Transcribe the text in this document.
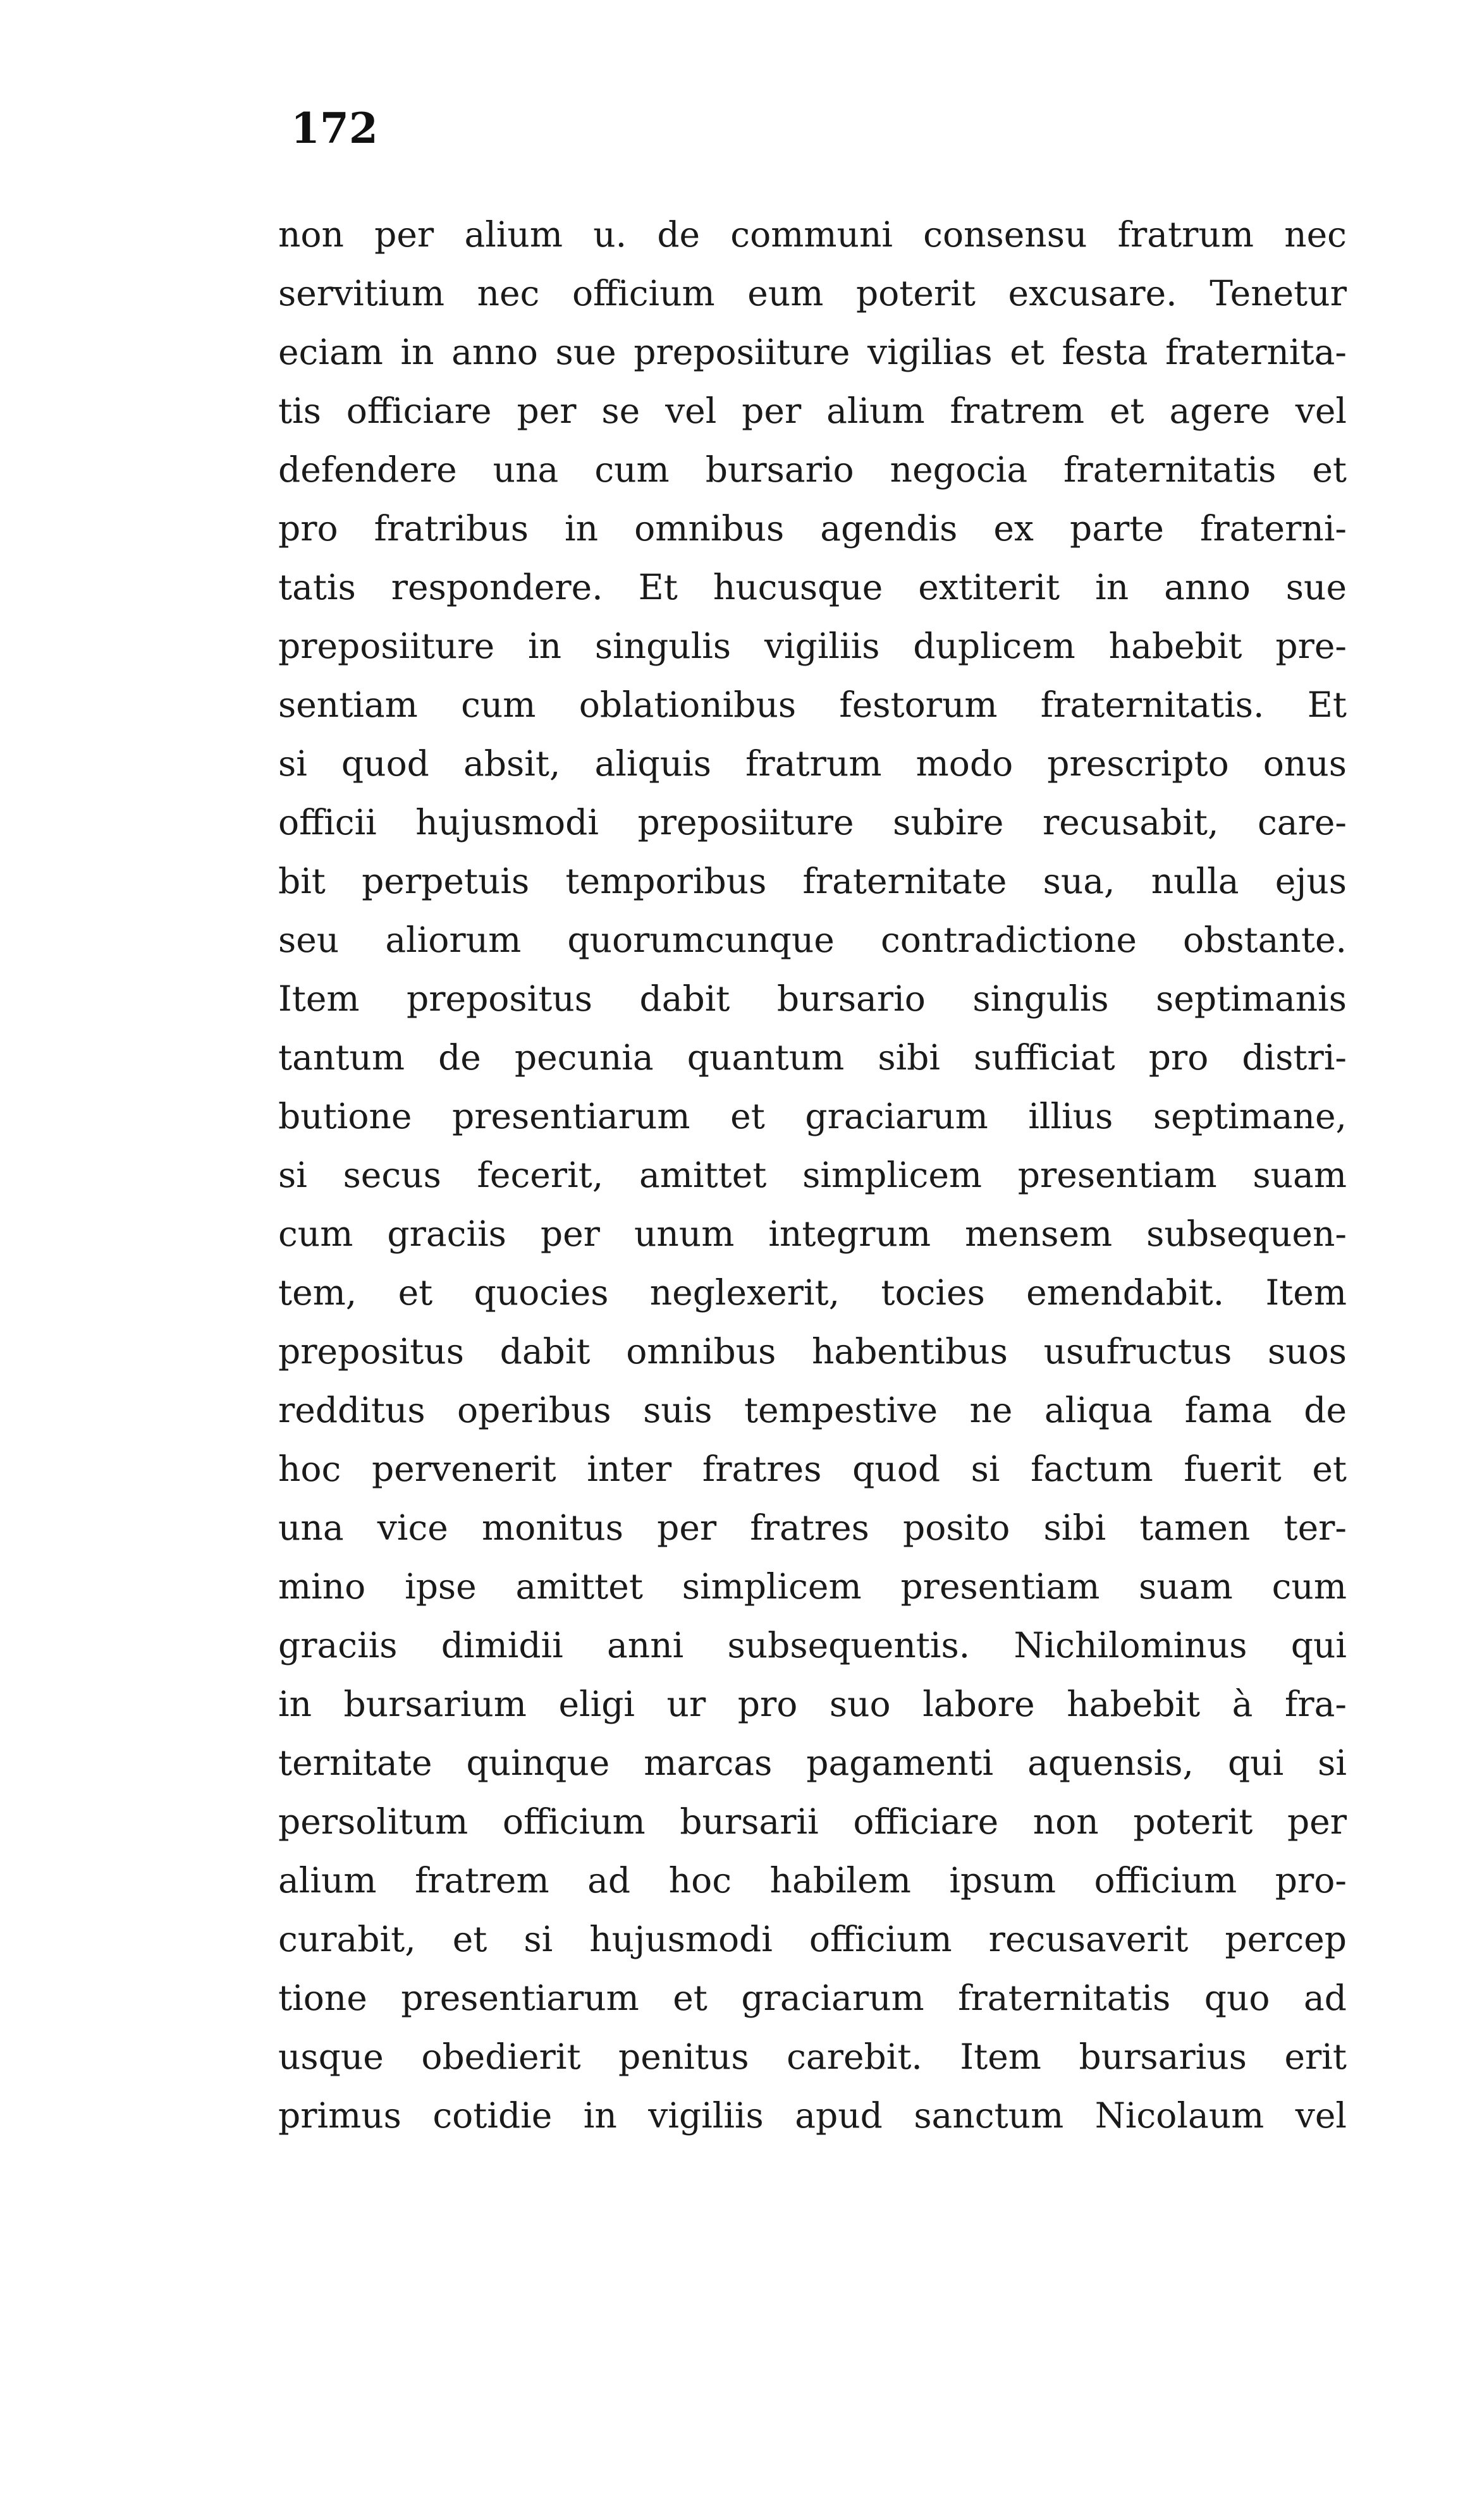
172
non per alium u. de communi consensu fratrum nec
servitium nec officium eum poterit excusare. Tenetur
eciam in anno sue preposiiture vigilias et festa fraternita-
tis officiare per se vel per alium fratrem et agere vel
defendere una cum bursario negocia fraternitatis et
pro fratribus in omnibus agendis ex parte fraterni-
tatis respondere. Et hucusque extiterit in anno sue
preposiiture in singulis vigiliis duplicem habebit pre-
sentiam cum oblationibus festorum fraternitatis. Et
si quod absit, aliquis fratrum modo prescripto onus
officii hujusmodi preposiiture subire recusabit, care-
bit perpetuis temporibus fraternitate sua, nulla ejus
seu aliorum quorumcunque contradictione obstante.
Item prepositus dabit bursario singulis septimanis
tantum de pecunia quantum sibi sufficiat pro distri-
butione presentiarum et graciarum illius septimane,
si secus fecerit, amittet simplicem presentiam suam
cum graciis per unum integrum mensem subsequen-
tem, et quocies neglexerit, tocies emendabit. Item
prepositus dabit omnibus habentibus usufructus suos
redditus operibus suis tempestive ne aliqua fama de
hoc pervenerit inter fratres quod si factum fuerit et
una vice monitus per fratres posito sibi tamen ter-
mino ipse amittet simplicem presentiam suam cum
graciis dimidii anni subsequentis. Nichilominus qui
in bursarium eligi ur pro suo labore habebit à fra-
ternitate quinque marcas pagamenti aquensis, qui si
persolitum officium bursarii officiare non poterit per
alium fratrem ad hoc habilem ipsum officium pro-
curabit, et si hujusmodi officium recusaverit percep
tione presentiarum et graciarum fraternitatis quo ad
usque obedierit penitus carebit. Item bursarius erit
primus cotidie in vigiliis apud sanctum Nicolaum vel
